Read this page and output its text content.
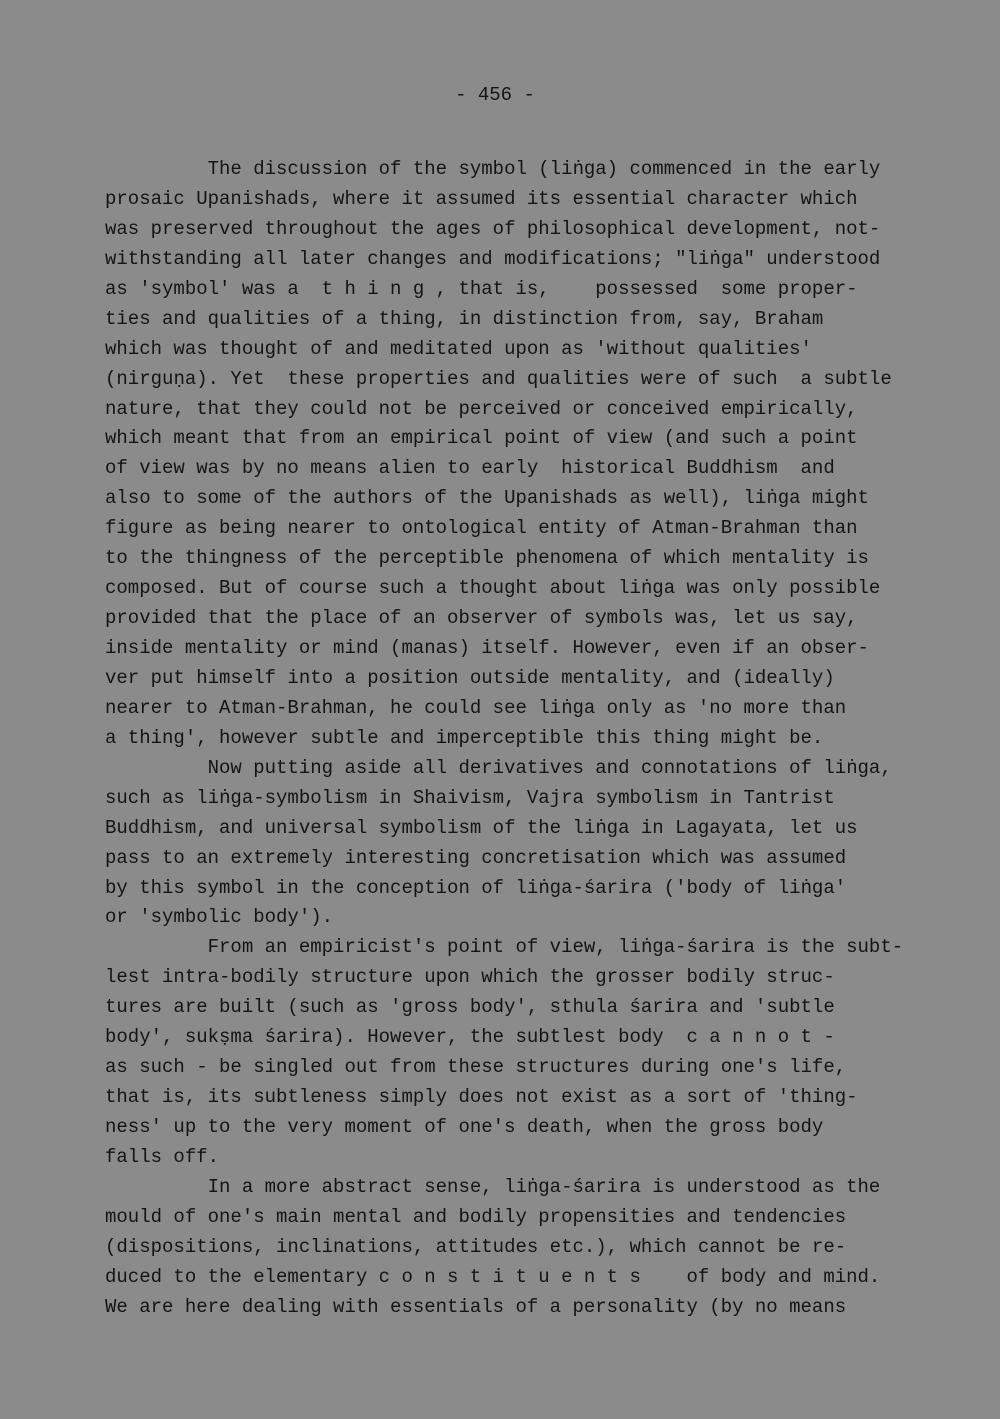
- 456 -
The discussion of the symbol (liṅga) commenced in the early
prosaic Upanishads, where it assumed its essential character which
was preserved throughout the ages of philosophical development, not-
withstanding all later changes and modifications; "liṅga" understood
as 'symbol' was a  t h i n g , that is,    possessed  some proper-
ties and qualities of a thing, in distinction from, say, Braham
which was thought of and meditated upon as 'without qualities'
(nirguṇa). Yet  these properties and qualities were of such  a subtle
nature, that they could not be perceived or conceived empirically,
which meant that from an empirical point of view (and such a point
of view was by no means alien to early  historical Buddhism  and
also to some of the authors of the Upanishads as well), liṅga might
figure as being nearer to ontological entity of Atman-Brahman than
to the thingness of the perceptible phenomena of which mentality is
composed. But of course such a thought about liṅga was only possible
provided that the place of an observer of symbols was, let us say,
inside mentality or mind (manas) itself. However, even if an obser-
ver put himself into a position outside mentality, and (ideally)
nearer to Atman-Brahman, he could see liṅga only as 'no more than
a thing', however subtle and imperceptible this thing might be.
Now putting aside all derivatives and connotations of liṅga,
such as liṅga-symbolism in Shaivism, Vajra symbolism in Tantrist
Buddhism, and universal symbolism of the liṅga in Lagayata, let us
pass to an extremely interesting concretisation which was assumed
by this symbol in the conception of liṅga-śarira ('body of liṅga'
or 'symbolic body').
From an empiricist's point of view, liṅga-śarira is the subt-
lest intra-bodily structure upon which the grosser bodily struc-
tures are built (such as 'gross body', sthula śarira and 'subtle
body', sukṣma śarira). However, the subtlest body  c a n n o t -
as such - be singled out from these structures during one's life,
that is, its subtleness simply does not exist as a sort of 'thing-
ness' up to the very moment of one's death, when the gross body
falls off.
In a more abstract sense, liṅga-śarira is understood as the
mould of one's main mental and bodily propensities and tendencies
(dispositions, inclinations, attitudes etc.), which cannot be re-
duced to the elementary c o n s t i t u e n t s    of body and mind.
We are here dealing with essentials of a personality (by no means
